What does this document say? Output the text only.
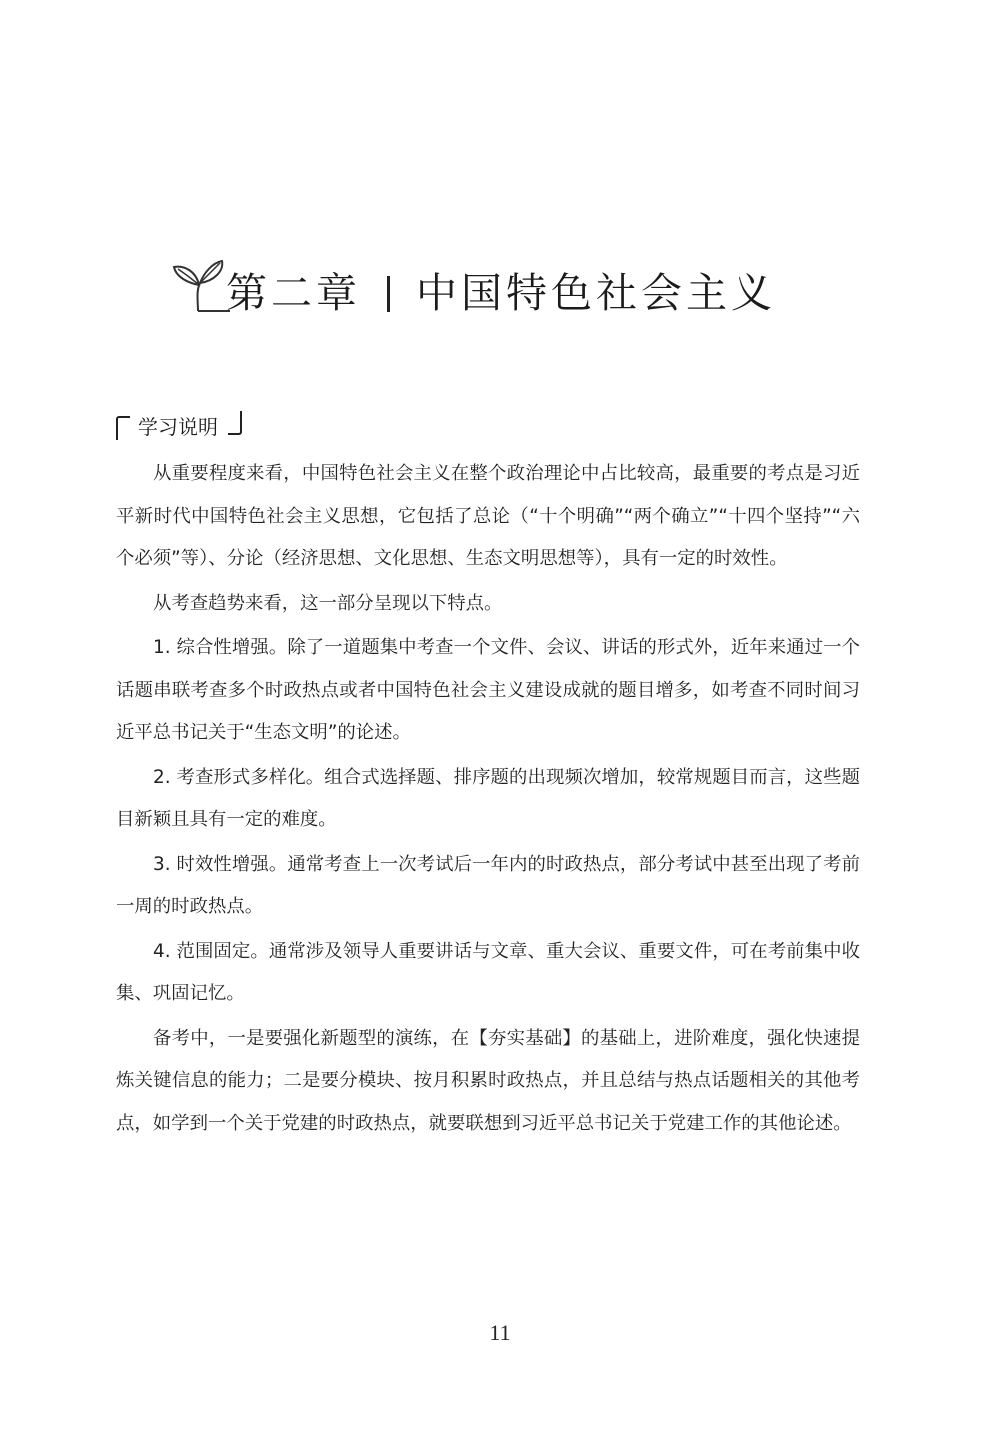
第二章 中国特色社会主义
学习说明

从重要程度来看，中国特色社会主义在整个政治理论中占比较高，最重要的考点是习近平新时代中国特色社会主义思想，它包括了总论（“十个明确”“两个确立”“十四个坚持”“六个必须”等）、分论（经济思想、文化思想、生态文明思想等），具有一定的时效性。

从考查趋势来看，这一部分呈现以下特点。

1. 综合性增强。除了一道题集中考查一个文件、会议、讲话的形式外，近年来通过一个话题串联考查多个时政热点或者中国特色社会主义建设成就的题目增多，如考查不同时间习近平总书记关于“生态文明”的论述。

2. 考查形式多样化。组合式选择题、排序题的出现频次增加，较常规题目而言，这些题目新颖且具有一定的难度。

3. 时效性增强。通常考查上一次考试后一年内的时政热点，部分考试中甚至出现了考前一周的时政热点。

4. 范围固定。通常涉及领导人重要讲话与文章、重大会议、重要文件，可在考前集中收集、巩固记忆。

备考中，一是要强化新题型的演练，在【夯实基础】的基础上，进阶难度，强化快速提炼关键信息的能力；二是要分模块、按月积累时政热点，并且总结与热点话题相关的其他考点，如学到一个关于党建的时政热点，就要联想到习近平总书记关于党建工作的其他论述。

11
